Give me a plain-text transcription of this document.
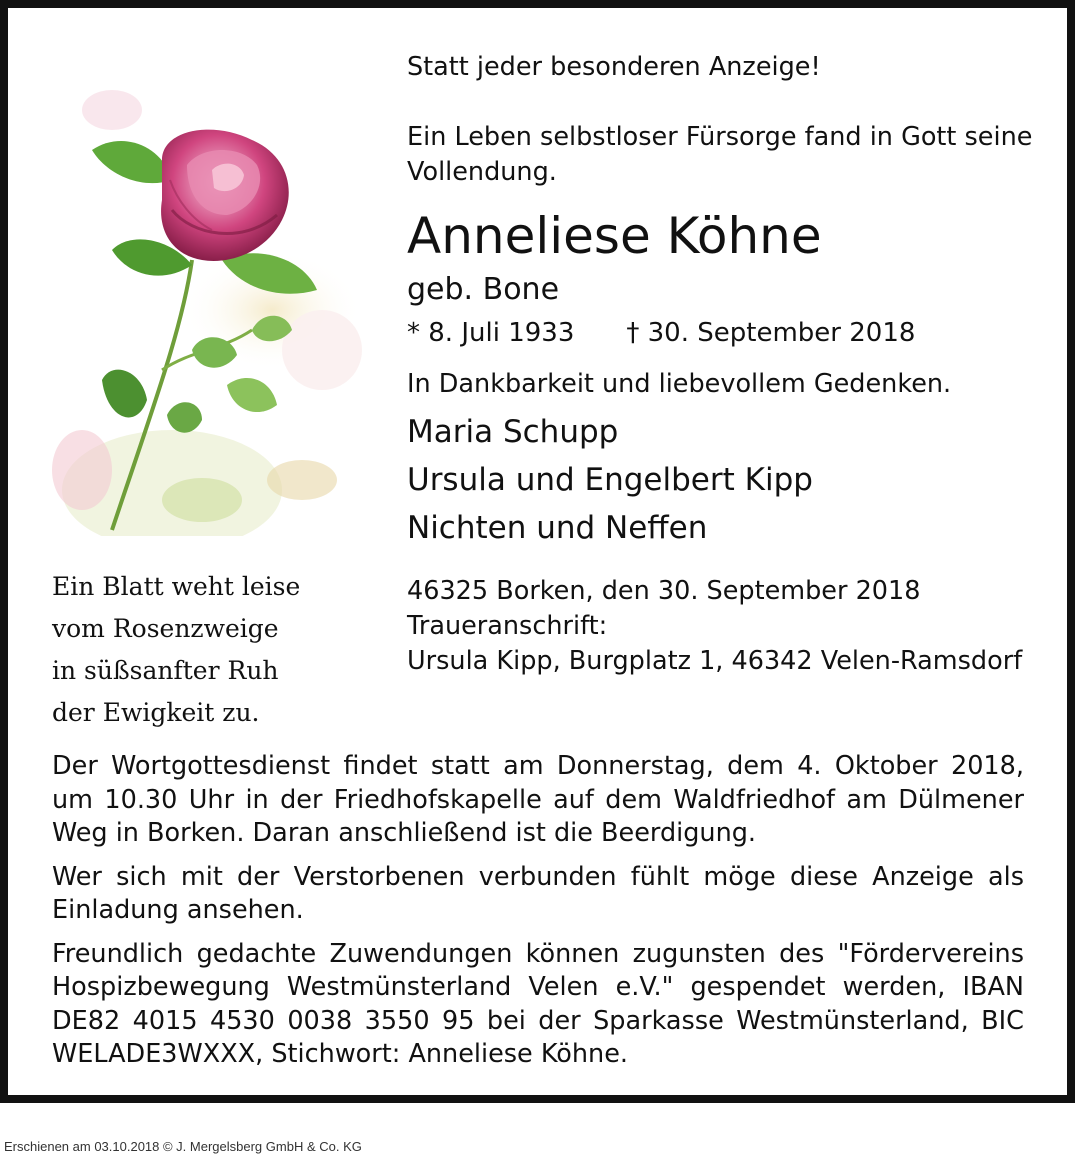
Ein Blatt weht leise
vom Rosenzweige
in süßsanfter Ruh
der Ewigkeit zu.
Statt jeder besonderen Anzeige!
Ein Leben selbstloser Fürsorge fand in Gott seine
Vollendung.
Anneliese Köhne
geb. Bone
* 8. Juli 1933 † 30. September 2018
In Dankbarkeit und liebevollem Gedenken.
Maria Schupp
Ursula und Engelbert Kipp
Nichten und Neffen
46325 Borken, den 30. September 2018
Traueranschrift:
Ursula Kipp, Burgplatz 1, 46342 Velen-Ramsdorf

Der Wortgottesdienst findet statt am Donnerstag, dem 4. Oktober 2018, um 10.30 Uhr in der Friedhofskapelle auf dem Waldfriedhof am Dülmener Weg in Borken. Daran anschließend ist die Beerdigung.

Wer sich mit der Verstorbenen verbunden fühlt möge diese Anzeige als Einladung ansehen.

Freundlich gedachte Zuwendungen können zugunsten des "Fördervereins Hospizbewegung Westmünsterland Velen e.V." gespendet werden, IBAN DE82 4015 4530 0038 3550 95 bei der Sparkasse Westmünsterland, BIC WELADE3WXXX, Stichwort: Anneliese Köhne.

Erschienen am 03.10.2018 © J. Mergelsberg GmbH & Co. KG
